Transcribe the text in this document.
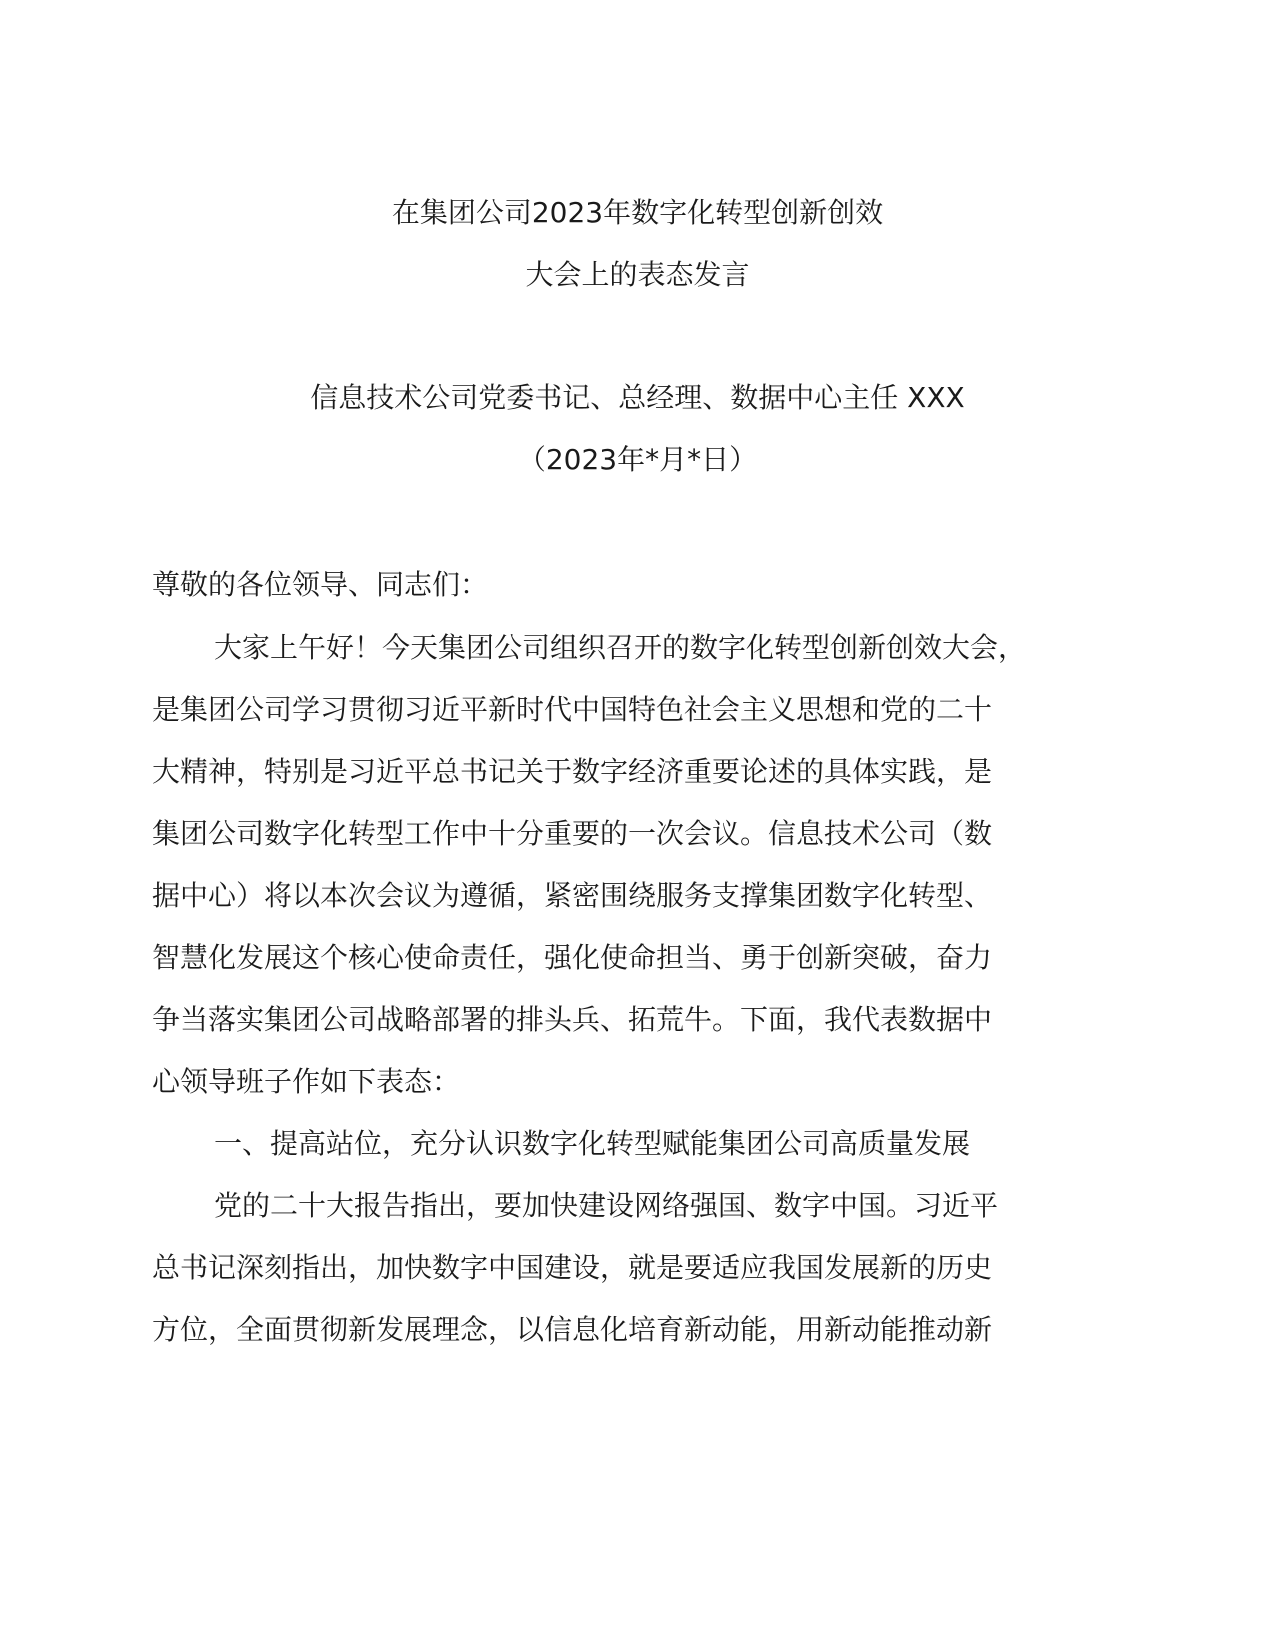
在集团公司2023年数字化转型创新创效
大会上的表态发言
信息技术公司党委书记、总经理、数据中心主任 XXX
（2023年*月*日）
尊敬的各位领导、同志们：
大家上午好！今天集团公司组织召开的数字化转型创新创效大会，
是集团公司学习贯彻习近平新时代中国特色社会主义思想和党的二十
大精神，特别是习近平总书记关于数字经济重要论述的具体实践，是
集团公司数字化转型工作中十分重要的一次会议。信息技术公司（数
据中心）将以本次会议为遵循，紧密围绕服务支撑集团数字化转型、
智慧化发展这个核心使命责任，强化使命担当、勇于创新突破，奋力
争当落实集团公司战略部署的排头兵、拓荒牛。下面，我代表数据中
心领导班子作如下表态：
一、提高站位，充分认识数字化转型赋能集团公司高质量发展
党的二十大报告指出，要加快建设网络强国、数字中国。习近平
总书记深刻指出，加快数字中国建设，就是要适应我国发展新的历史
方位，全面贯彻新发展理念，以信息化培育新动能，用新动能推动新
